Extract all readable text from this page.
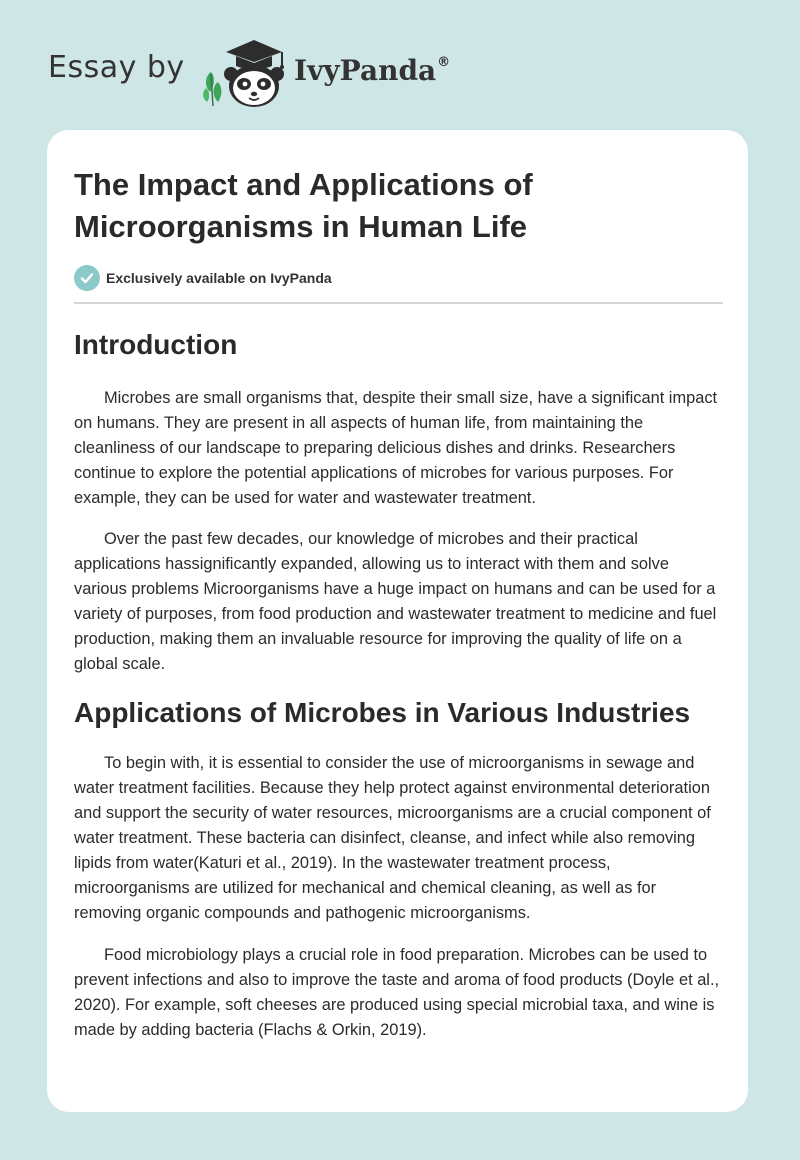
Essay by	IvyPanda®
The Impact and Applications of Microorganisms in Human Life
Exclusively available on IvyPanda
Introduction

Microbes are small organisms that, despite their small size, have a significant impact on humans. They are present in all aspects of human life, from maintaining the cleanliness of our landscape to preparing delicious dishes and drinks. Researchers continue to explore the potential applications of microbes for various purposes. For example, they can be used for water and wastewater treatment.

Over the past few decades, our knowledge of microbes and their practical applications hassignificantly expanded, allowing us to interact with them and solve various problems Microorganisms have a huge impact on humans and can be used for a variety of purposes, from food production and wastewater treatment to medicine and fuel production, making them an invaluable resource for improving the quality of life on a global scale.

Applications of Microbes in Various Industries

To begin with, it is essential to consider the use of microorganisms in sewage and water treatment facilities. Because they help protect against environmental deterioration and support the security of water resources, microorganisms are a crucial component of water treatment. These bacteria can disinfect, cleanse, and infect while also removing lipids from water(Katuri et al., 2019). In the wastewater treatment process, microorganisms are utilized for mechanical and chemical cleaning, as well as for removing organic compounds and pathogenic microorganisms.

Food microbiology plays a crucial role in food preparation. Microbes can be used to prevent infections and also to improve the taste and aroma of food products (Doyle et al., 2020). For example, soft cheeses are produced using special microbial taxa, and wine is made by adding bacteria (Flachs & Orkin, 2019).
